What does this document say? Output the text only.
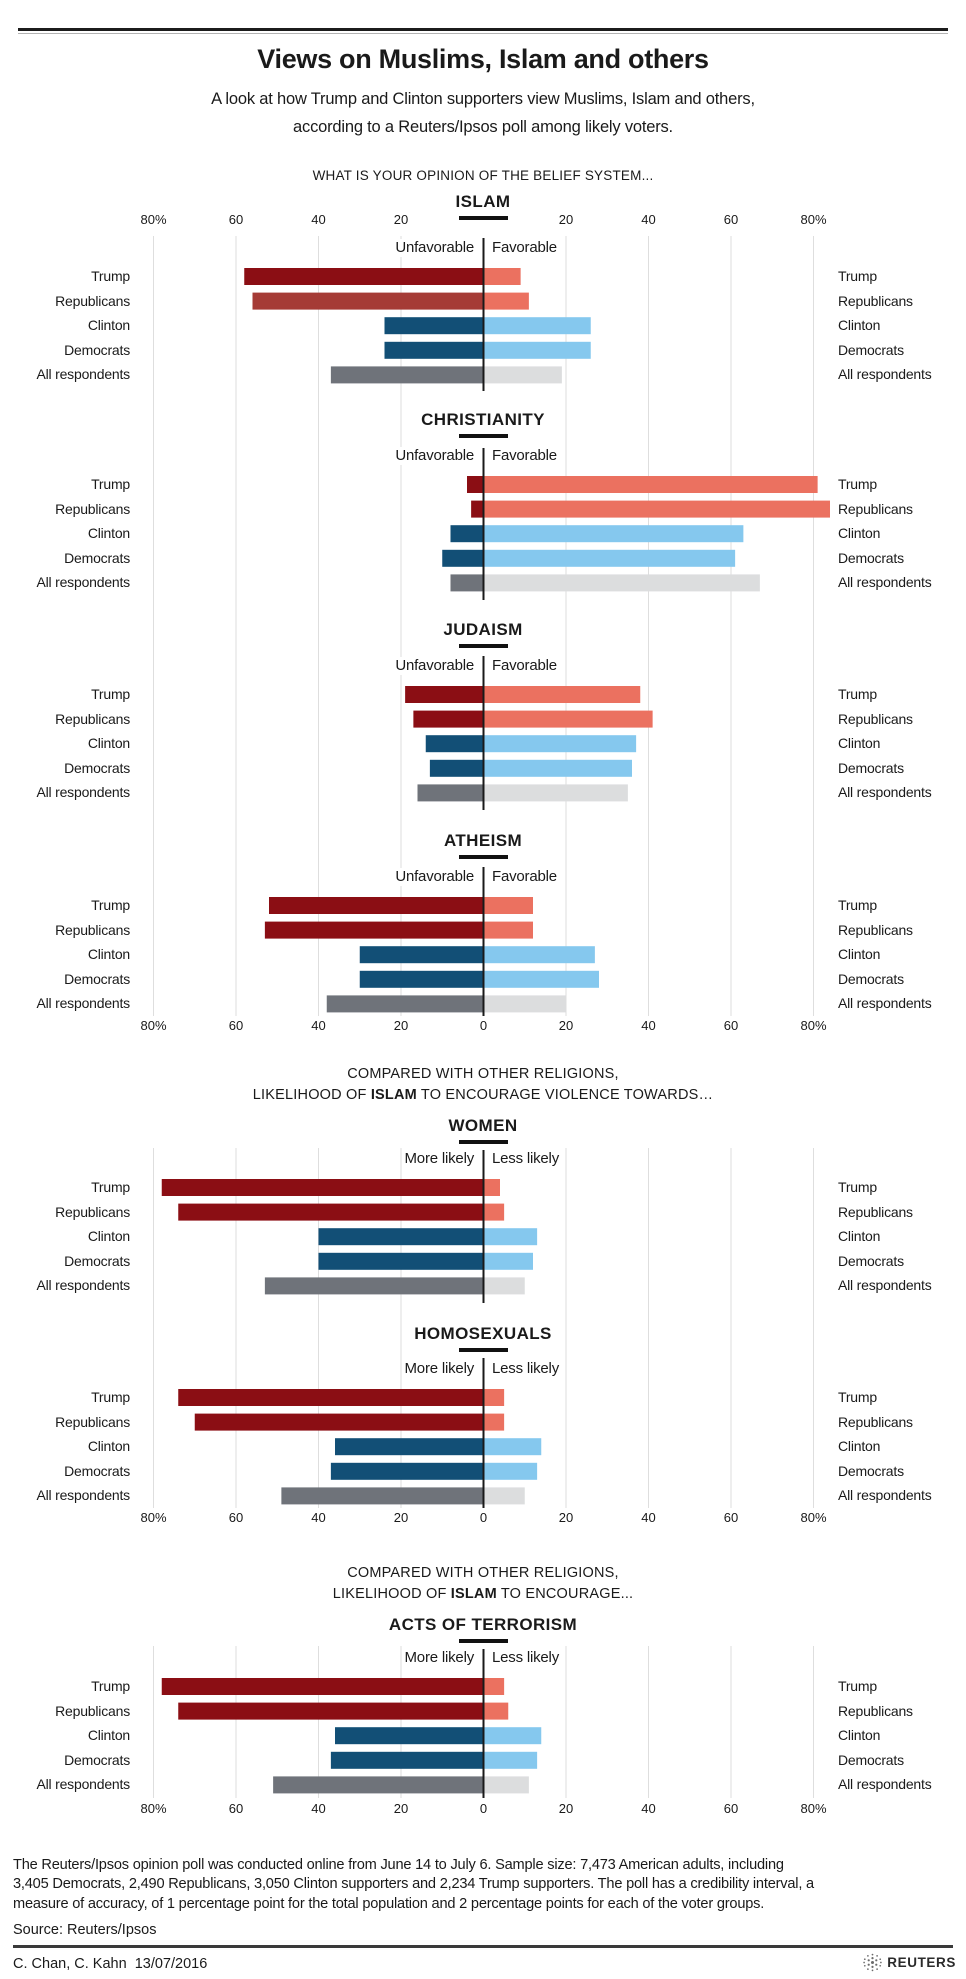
Views on Muslims, Islam and others
A look at how Trump and Clinton supporters view Muslims, Islam and others,
according to a Reuters/Ipsos poll among likely voters.
WHAT IS YOUR OPINION OF THE BELIEF SYSTEM...
Trump	Trump
Republicans	Republicans
Clinton	Clinton
Democrats	Democrats
All respondents	All respondents
ISLAM
Unfavorable Favorable
Trump	Trump
Republicans	Republicans
Clinton	Clinton
Democrats	Democrats
All respondents	All respondents
CHRISTIANITY
Unfavorable Favorable
Trump	Trump
Republicans	Republicans
Clinton	Clinton
Democrats	Democrats
All respondents	All respondents
JUDAISM
Unfavorable Favorable
Trump	Trump
Republicans	Republicans
Clinton	Clinton
Democrats	Democrats
All respondents	All respondents
ATHEISM
Unfavorable Favorable
Trump	Trump
Republicans	Republicans
Clinton	Clinton
Democrats	Democrats
All respondents	All respondents
WOMEN
More likely Less likely
Trump	Trump
Republicans	Republicans
Clinton	Clinton
Democrats	Democrats
All respondents	All respondents
HOMOSEXUALS
More likely Less likely
Trump	Trump
Republicans	Republicans
Clinton	Clinton
Democrats	Democrats
All respondents	All respondents
ACTS OF TERRORISM
More likely Less likely
80%	60	40	20	20	40	60	80%
80%	60	40	20	0	20	40	60	80%
80%	60	40	20	0	20	40	60	80%
80%	60	40	20	0	20	40	60	80%
COMPARED WITH OTHER RELIGIONS,
LIKELIHOOD OF ISLAM TO ENCOURAGE VIOLENCE TOWARDS…
COMPARED WITH OTHER RELIGIONS,
LIKELIHOOD OF ISLAM TO ENCOURAGE...
The Reuters/Ipsos opinion poll was conducted online from June 14 to July 6. Sample size: 7,473 American adults, including
3,405 Democrats, 2,490 Republicans, 3,050 Clinton supporters and 2,234 Trump supporters. The poll has a credibility interval, a
measure of accuracy, of 1 percentage point for the total population and 2 percentage points for each of the voter groups.
Source: Reuters/Ipsos
C. Chan, C. Kahn  13/07/2016	REUTERS
